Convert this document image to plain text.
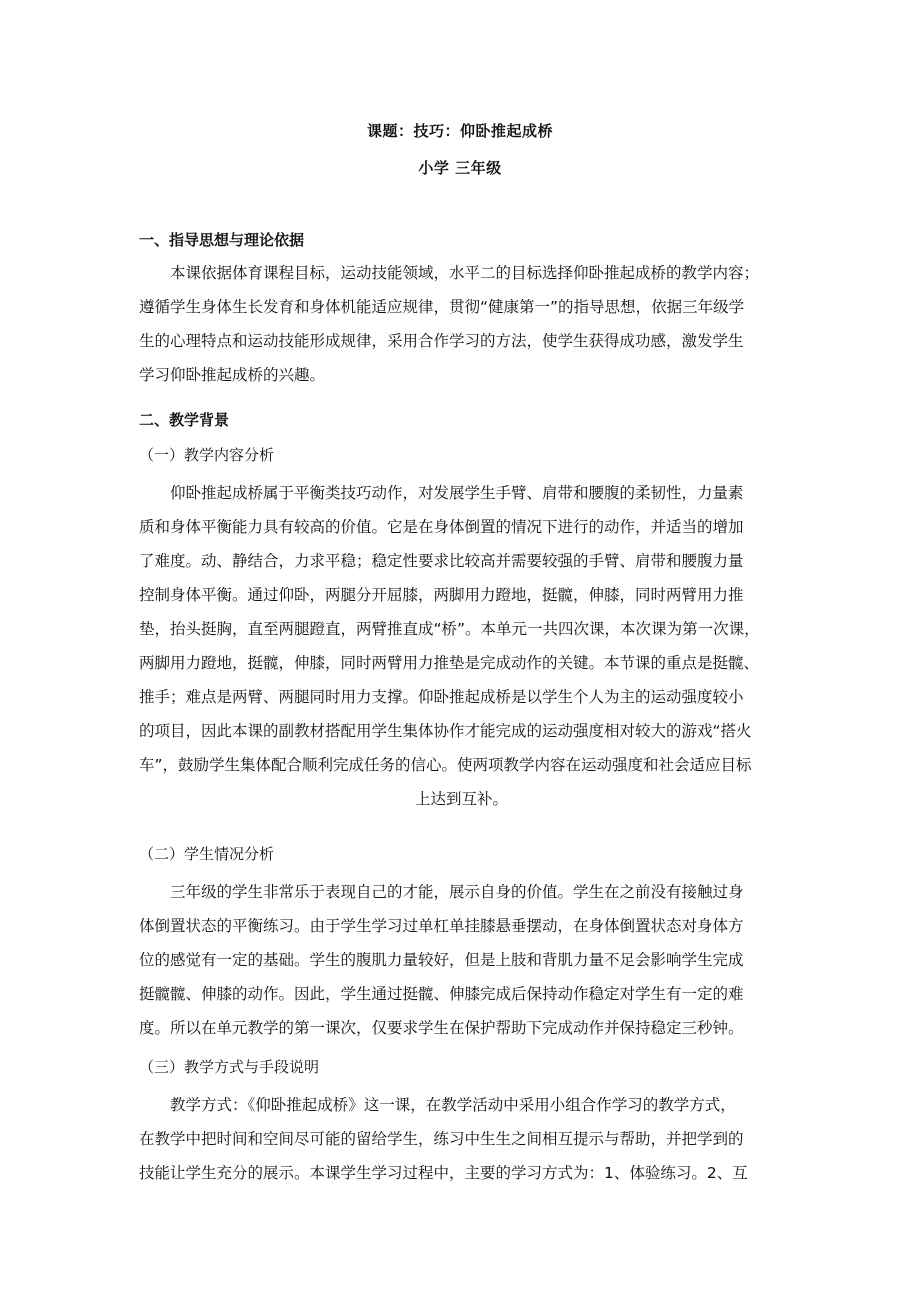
课题：技巧：仰卧推起成桥
小学 三年级
一、指导思想与理论依据
　　本课依据体育课程目标，运动技能领域，水平二的目标选择仰卧推起成桥的教学内容；
遵循学生身体生长发育和身体机能适应规律，贯彻“健康第一”的指导思想，依据三年级学
生的心理特点和运动技能形成规律，采用合作学习的方法，使学生获得成功感，激发学生
学习仰卧推起成桥的兴趣。
二、教学背景
（一）教学内容分析
　　仰卧推起成桥属于平衡类技巧动作，对发展学生手臂、肩带和腰腹的柔韧性，力量素
质和身体平衡能力具有较高的价值。它是在身体倒置的情况下进行的动作，并适当的增加
了难度。动、静结合，力求平稳；稳定性要求比较高并需要较强的手臂、肩带和腰腹力量
控制身体平衡。通过仰卧，两腿分开屈膝，两脚用力蹬地，挺髋，伸膝，同时两臂用力推
垫，抬头挺胸，直至两腿蹬直，两臂推直成“桥”。本单元一共四次课，本次课为第一次课，
两脚用力蹬地，挺髋，伸膝，同时两臂用力推垫是完成动作的关键。本节课的重点是挺髋、
推手；难点是两臂、两腿同时用力支撑。仰卧推起成桥是以学生个人为主的运动强度较小
的项目，因此本课的副教材搭配用学生集体协作才能完成的运动强度相对较大的游戏“搭火
车”，鼓励学生集体配合顺利完成任务的信心。使两项教学内容在运动强度和社会适应目标
上达到互补。
（二）学生情况分析
　　三年级的学生非常乐于表现自己的才能，展示自身的价值。学生在之前没有接触过身
体倒置状态的平衡练习。由于学生学习过单杠单挂膝悬垂摆动，在身体倒置状态对身体方
位的感觉有一定的基础。学生的腹肌力量较好，但是上肢和背肌力量不足会影响学生完成
挺髋髋、伸膝的动作。因此，学生通过挺髋、伸膝完成后保持动作稳定对学生有一定的难
度。所以在单元教学的第一课次，仅要求学生在保护帮助下完成动作并保持稳定三秒钟。
（三）教学方式与手段说明
　　教学方式：《仰卧推起成桥》这一课，在教学活动中采用小组合作学习的教学方式，
在教学中把时间和空间尽可能的留给学生，练习中生生之间相互提示与帮助，并把学到的
技能让学生充分的展示。本课学生学习过程中，主要的学习方式为：1、体验练习。2、互
